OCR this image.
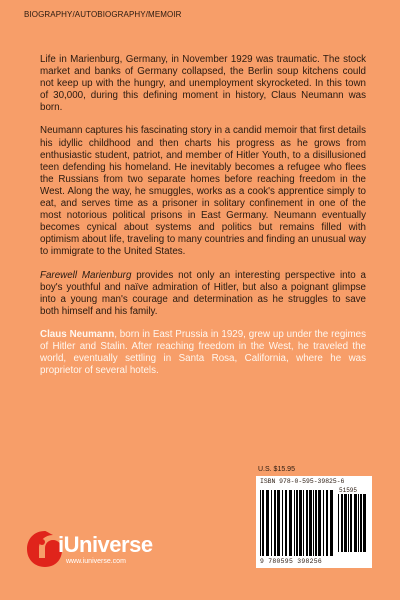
BIOGRAPHY/AUTOBIOGRAPHY/MEMOIR

Life in Marienburg, Germany, in November 1929 was traumatic. The stock market and banks of Germany collapsed, the Berlin soup kitchens could not keep up with the hungry, and unemployment skyrocketed. In this town of 30,000, during this defining moment in history, Claus Neumann was born.

Neumann captures his fascinating story in a candid memoir that first details his idyllic childhood and then charts his progress as he grows from enthusiastic student, patriot, and member of Hitler Youth, to a disillusioned teen defending his homeland. He inevitably becomes a refugee who flees the Russians from two separate homes before reaching freedom in the West. Along the way, he smuggles, works as a cook's apprentice simply to eat, and serves time as a prisoner in solitary confinement in one of the most notorious political prisons in East Germany. Neumann eventually becomes cynical about systems and politics but remains filled with optimism about life, traveling to many countries and finding an unusual way to immigrate to the United States.

Farewell Marienburg provides not only an interesting perspective into a boy's youthful and naïve admiration of Hitler, but also a poignant glimpse into a young man's courage and determination as he struggles to save both himself and his family.

Claus Neumann, born in East Prussia in 1929, grew up under the regimes of Hitler and Stalin. After reaching freedom in the West, he traveled the world, eventually settling in Santa Rosa, California, where he was proprietor of several hotels.

U.S. $15.95
ISBN 978-0-595-39825-6
51595
9 780595 398256
iUniverse
www.iuniverse.com
